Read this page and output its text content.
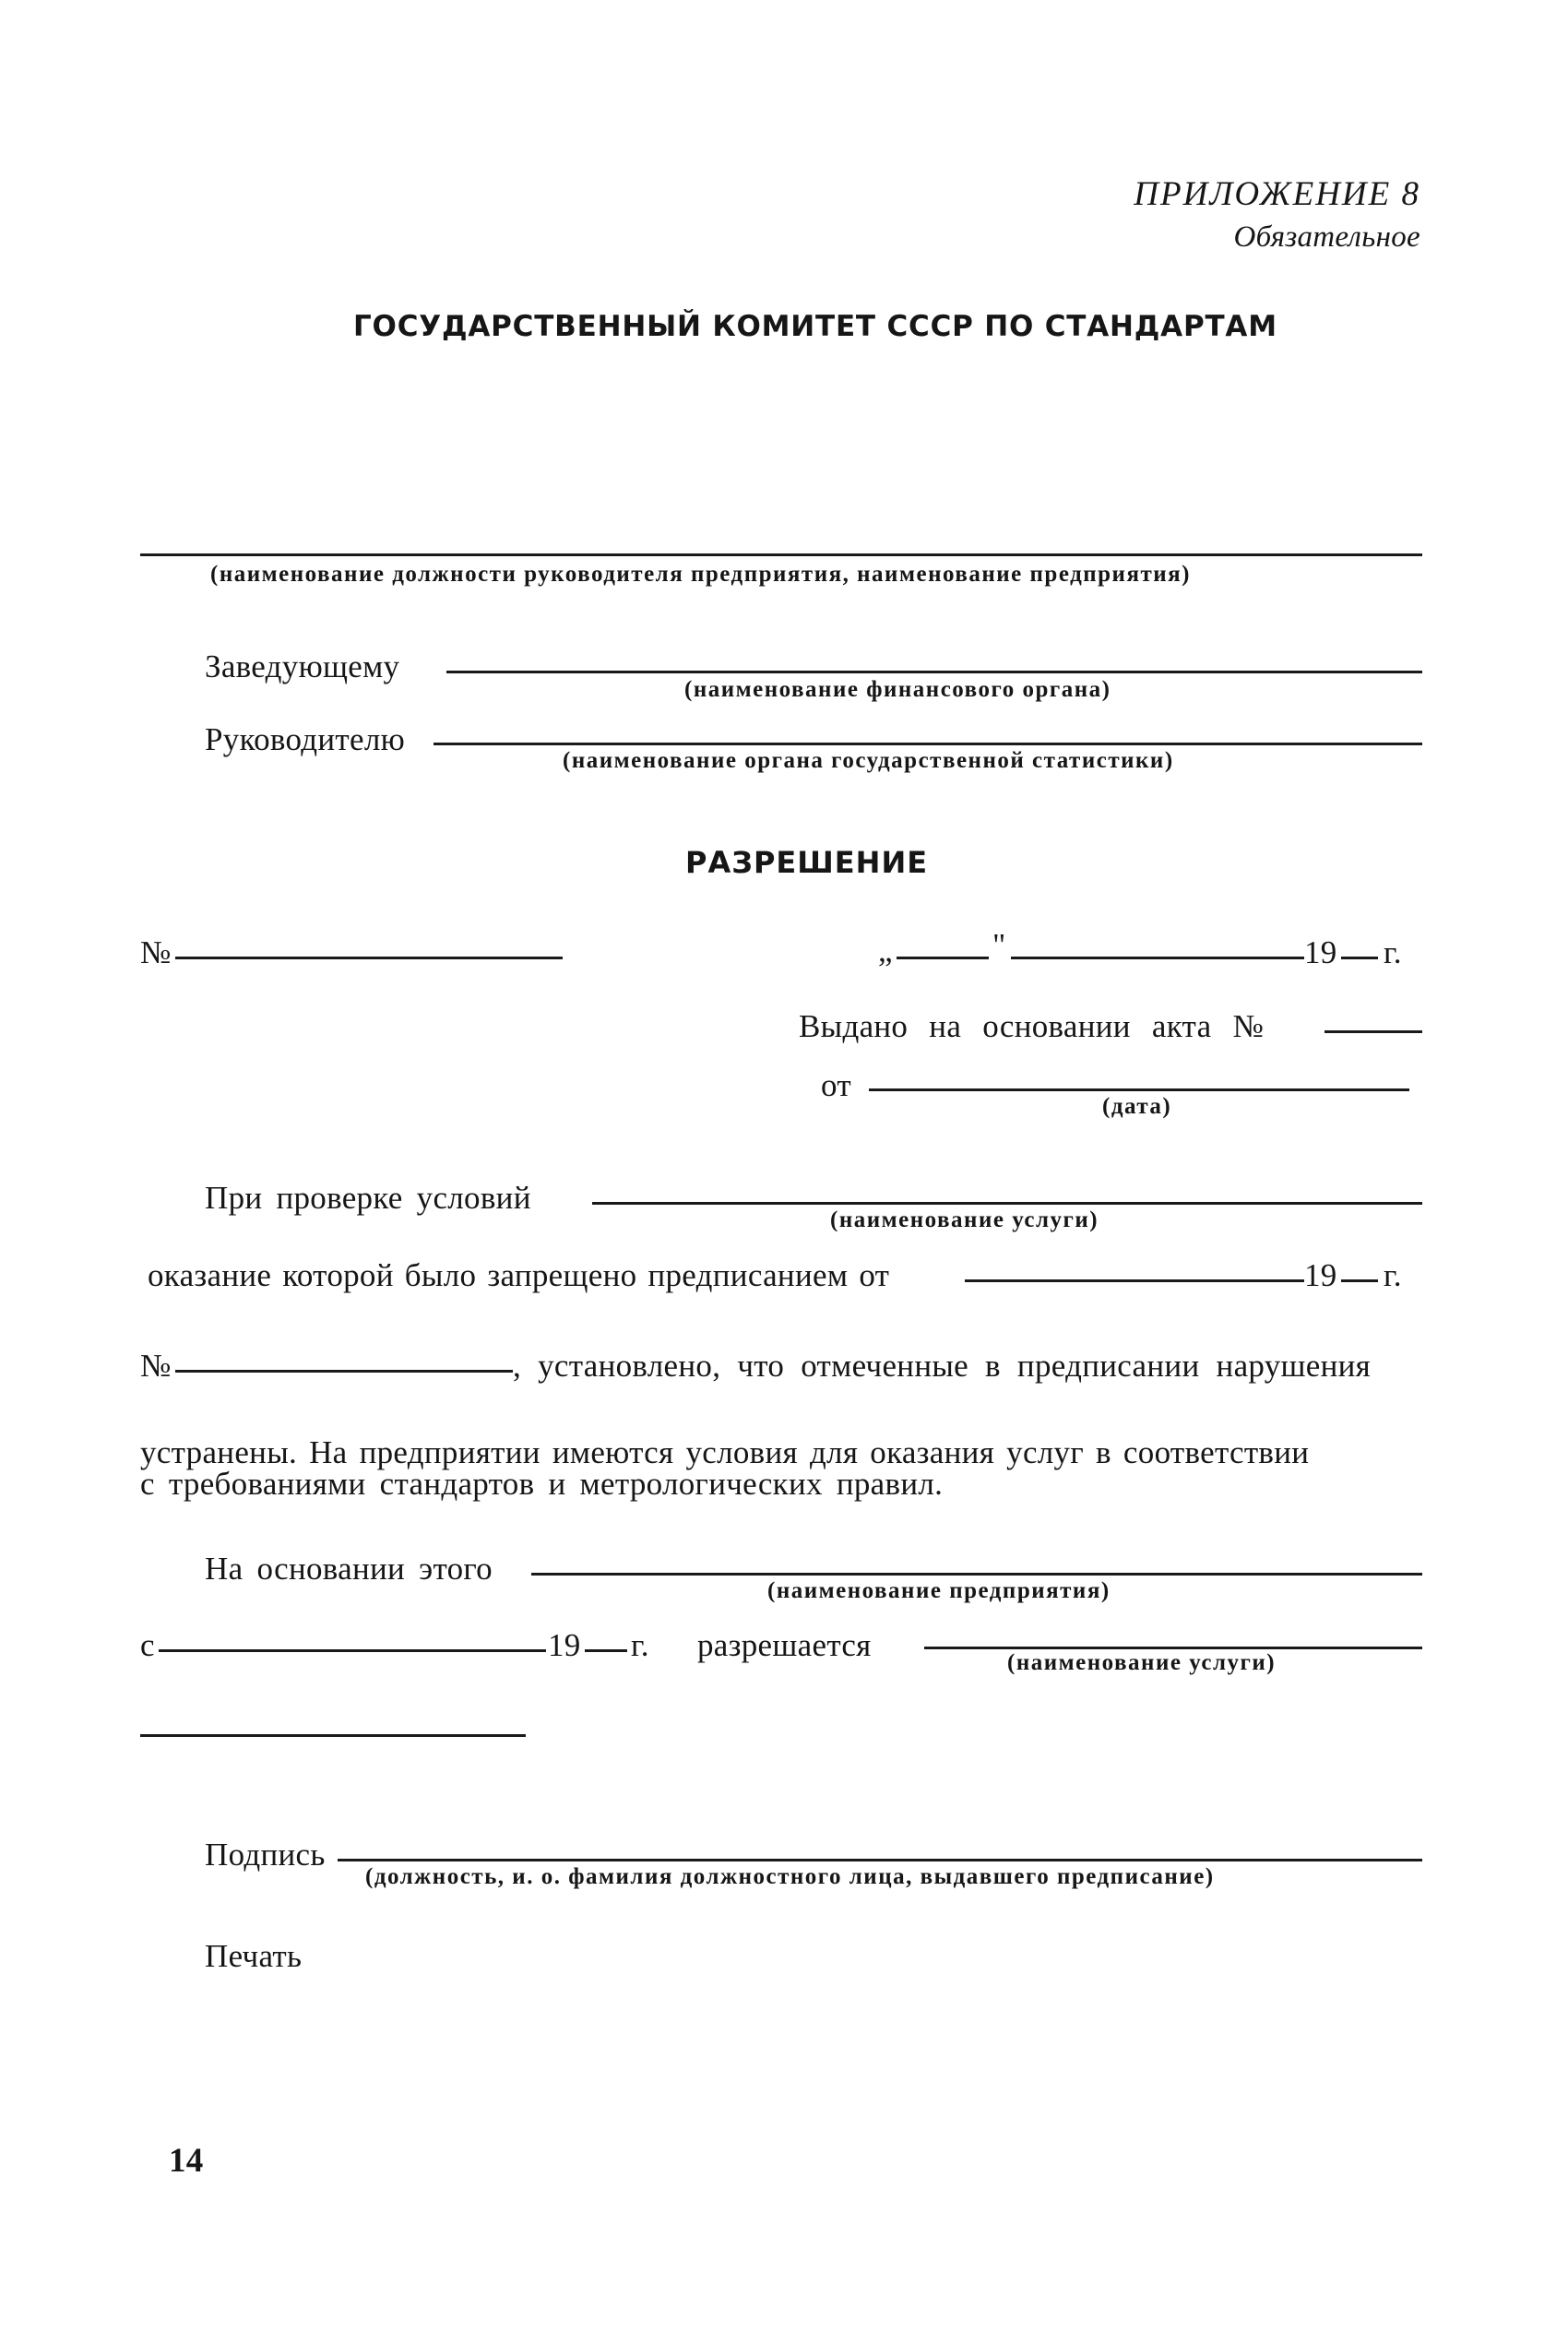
ПРИЛОЖЕНИЕ 8
Обязательное
ГОСУДАРСТВЕННЫЙ КОМИТЕТ СССР ПО СТАНДАРТАМ
(наименование должности руководителя предприятия, наименование предприятия)
Заведующему
(наименование финансового органа)
Руководителю
(наименование органа государственной статистики)
РАЗРЕШЕНИЕ
№	„	"	19 г.
Выдано на основании акта №
от
(дата)
При проверке условий
(наименование услуги)
оказание которой было запрещено предписанием от	19 г.
№	, установлено, что отмеченные в предписании нарушения
устранены. На предприятии имеются условия для оказания услуг в соответствии
с требованиями стандартов и метрологических правил.
На основании этого
(наименование предприятия)
с	19 г. разрешается	(наименование услуги)
Подпись
(должность, и. о. фамилия должностного лица, выдавшего предписание)
Печать
14
